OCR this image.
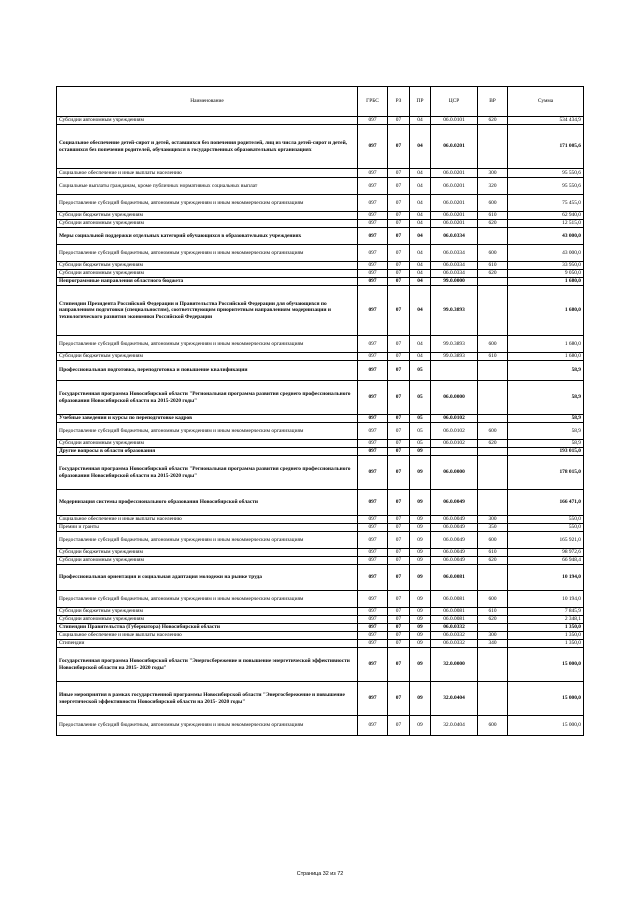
Наименование	ГРБС	РЗ	ПР	ЦСР	ВР	Сумма
Субсидии автономным учреждениям	097	07	04	06.0.0101	620	534 434,9
Социальное обеспечение детей-сирот и детей, оставшихся без попечения родителей, лиц из числа детей-сирот и детей, оставшихся без попечения родителей, обучающихся в государственных образовательных организациях	097	07	04	06.0.0201		171 005,6
Социальное обеспечение и иные выплаты населению	097	07	04	06.0.0201	300	95 550,6
Социальные выплаты гражданам, кроме публичных нормативных социальных выплат	097	07	04	06.0.0201	320	95 550,6
Предоставление субсидий бюджетным, автономным учреждениям и иным некоммерческим организациям	097	07	04	06.0.0201	600	75 455,0
Субсидии бюджетным учреждениям	097	07	04	06.0.0201	610	62 940,0
Субсидии автономным учреждениям	097	07	04	06.0.0201	620	12 515,0
Меры социальной поддержки отдельных категорий обучающихся в образовательных учреждениях	097	07	04	06.0.0334		43 000,0
Предоставление субсидий бюджетным, автономным учреждениям и иным некоммерческим организациям	097	07	04	06.0.0334	600	43 000,0
Субсидии бюджетным учреждениям	097	07	04	06.0.0334	610	33 950,0
Субсидии автономным учреждениям	097	07	04	06.0.0334	620	9 050,0
Непрограммные направления областного бюджета	097	07	04	99.0.0000		1 680,0
Стипендии Президента Российской Федерации и Правительства Российской Федерации для обучающихся по направлениям подготовки (специальностям), соответствующим приоритетным направлениям модернизации и технологического развития экономики Российской Федерации	097	07	04	99.0.3893		1 680,0
Предоставление субсидий бюджетным, автономным учреждениям и иным некоммерческим организациям	097	07	04	99.0.3893	600	1 680,0
Субсидии бюджетным учреждениям	097	07	04	99.0.3893	610	1 680,0
Профессиональная подготовка, переподготовка и повышение квалификации	097	07	05			58,9
Государственная программа Новосибирской области "Региональная программа развития среднего профессионального образования Новосибирской области на 2015-2020 годы"	097	07	05	06.0.0000		58,9
Учебные заведения и курсы по переподготовке кадров	097	07	05	06.0.0102		58,9
Предоставление субсидий бюджетным, автономным учреждениям и иным некоммерческим организациям	097	07	05	06.0.0102	600	58,9
Субсидии автономным учреждениям	097	07	05	06.0.0102	620	58,9
Другие вопросы в области образования	097	07	09			193 015,0
Государственная программа Новосибирской области "Региональная программа развития среднего профессионального образования Новосибирской области на 2015-2020 годы"	097	07	09	06.0.0000		178 015,0
Модернизация системы профессионального образования Новосибирской области	097	07	09	06.0.0049		166 471,0
Социальное обеспечение и иные выплаты населению	097	07	09	06.0.0049	300	550,0
Премии и гранты	097	07	09	06.0.0049	350	550,0
Предоставление субсидий бюджетным, автономным учреждениям и иным некоммерческим организациям	097	07	09	06.0.0049	600	165 921,0
Субсидии бюджетным учреждениям	097	07	09	06.0.0049	610	98 972,6
Субсидии автономным учреждениям	097	07	09	06.0.0049	620	66 948,4
Профессиональная ориентация и социальная адаптация молодежи на рынке труда	097	07	09	06.0.0081		10 194,0
Предоставление субсидий бюджетным, автономным учреждениям и иным некоммерческим организациям	097	07	09	06.0.0081	600	10 194,0
Субсидии бюджетным учреждениям	097	07	09	06.0.0081	610	7 845,9
Субсидии автономным учреждениям	097	07	09	06.0.0081	620	2 348,1
Стипендии Правительства (Губернатора) Новосибирской области	097	07	09	06.0.0332		1 350,0
Социальное обеспечение и иные выплаты населению	097	07	09	06.0.0332	300	1 350,0
Стипендии	097	07	09	06.0.0332	340	1 350,0
Государственная программа Новосибирской области "Энергосбережение и повышение энергетической эффективности Новосибирской области на 2015- 2020 годы"	097	07	09	32.0.0000		15 000,0
Иные мероприятия в рамках государственной программы Новосибирской области "Энергосбережение и повышение энергетической эффективности Новосибирской области на 2015- 2020 годы"	097	07	09	32.0.0404		15 000,0
Предоставление субсидий бюджетным, автономным учреждениям и иным некоммерческим организациям	097	07	09	32.0.0404	600	15 000,0
Страница 32 из 72
